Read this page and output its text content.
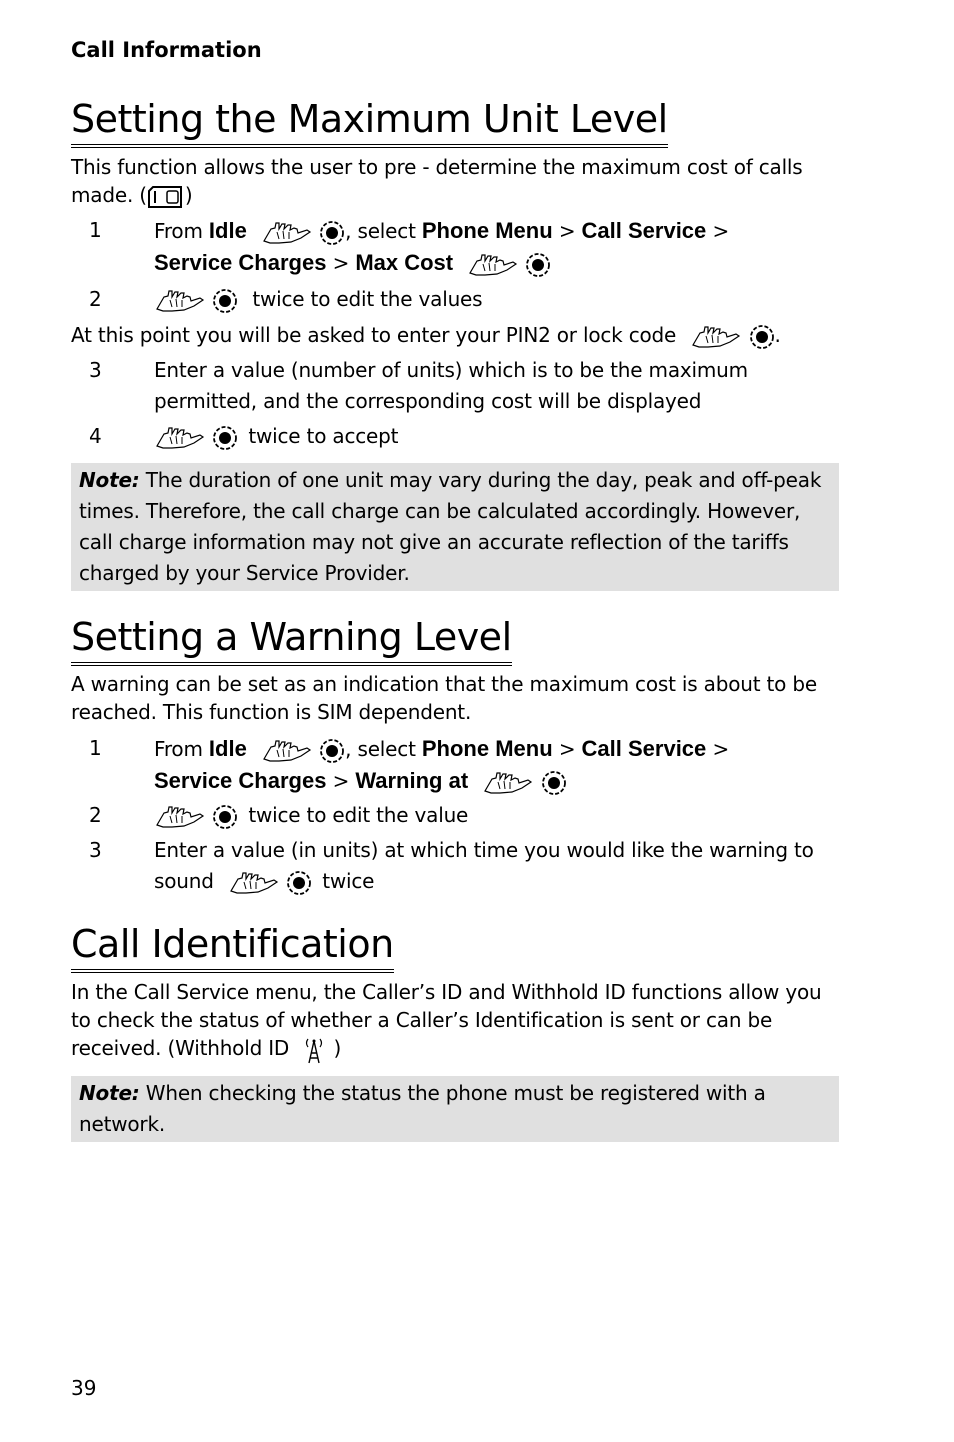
Call Information
Setting the Maximum Unit Level
This function allows the user to pre - determine the maximum cost of calls made. ( )
1	From Idle	, select Phone Menu > Call Service >
Service Charges > Max Cost
2	twice to edit the values
At this point you will be asked to enter your PIN2 or lock code	.
3	Enter a value (number of units) which is to be the maximum permitted, and the corresponding cost will be displayed
4	twice to accept
Note: The duration of one unit may vary during the day, peak and off-peak times. Therefore, the call charge can be calculated accordingly. However, call charge information may not give an accurate reflection of the tariffs charged by your Service Provider.
Setting a Warning Level
A warning can be set as an indication that the maximum cost is about to be reached. This function is SIM dependent.
1	From Idle	, select Phone Menu > Call Service >
Service Charges > Warning at
2	twice to edit the value
3	Enter a value (in units) at which time you would like the warning to
sound	twice
Call Identification
In the Call Service menu, the Caller’s ID and Withhold ID functions allow you to check the status of whether a Caller’s Identification is sent or can be received. (Withhold ID )
Note: When checking the status the phone must be registered with a network.
39
